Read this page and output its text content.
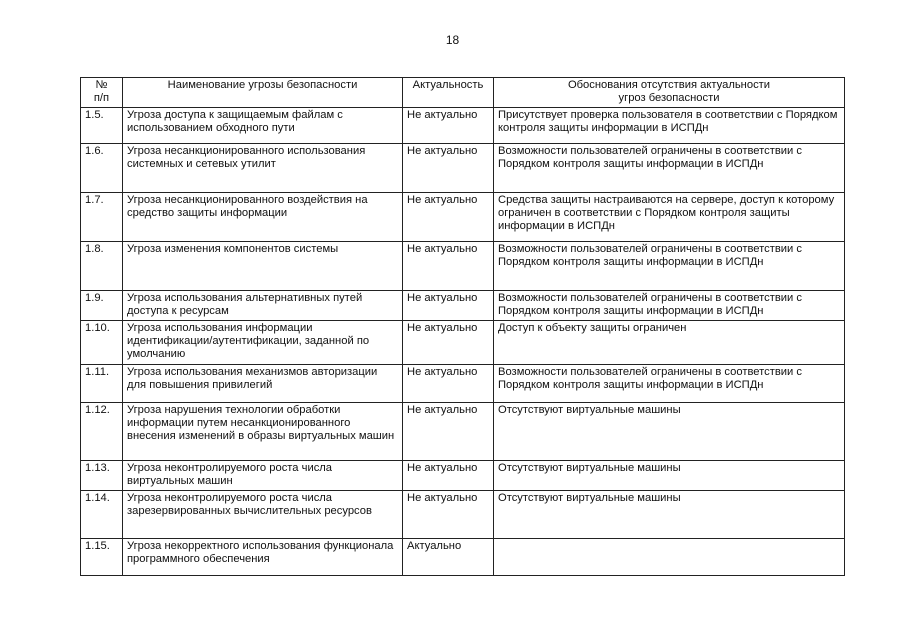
18
№
п/п	Наименование угрозы безопасности	Актуальность	Обоснования отсутствия актуальности
угроз безопасности

1.5.	Угроза доступа к защищаемым файлам с использованием обходного пути	Не актуально	Присутствует проверка пользователя в соответствии с Порядком контроля защиты информации в ИСПДн
1.6.	Угроза несанкционированного использования системных и сетевых утилит	Не актуально	Возможности пользователей ограничены в соответствии с Порядком контроля защиты информации в ИСПДн
1.7.	Угроза несанкционированного воздействия на средство защиты информации	Не актуально	Средства защиты настраиваются на сервере, доступ к которому ограничен в соответствии с Порядком контроля защиты информации в ИСПДн
1.8.	Угроза изменения компонентов системы	Не актуально	Возможности пользователей ограничены в соответствии с Порядком контроля защиты информации в ИСПДн
1.9.	Угроза использования альтернативных путей доступа к ресурсам	Не актуально	Возможности пользователей ограничены в соответствии с Порядком контроля защиты информации в ИСПДн
1.10.	Угроза использования информации идентификации/аутентификации, заданной по умолчанию	Не актуально	Доступ к объекту защиты ограничен
1.11.	Угроза использования механизмов авторизации для повышения привилегий	Не актуально	Возможности пользователей ограничены в соответствии с Порядком контроля защиты информации в ИСПДн
1.12.	Угроза нарушения технологии обработки информации путем несанкционированного внесения изменений в образы виртуальных машин	Не актуально	Отсутствуют виртуальные машины
1.13.	Угроза неконтролируемого роста числа виртуальных машин	Не актуально	Отсутствуют виртуальные машины
1.14.	Угроза неконтролируемого роста числа зарезервированных вычислительных ресурсов	Не актуально	Отсутствуют виртуальные машины
1.15.	Угроза некорректного использования функционала программного обеспечения	Актуально	
